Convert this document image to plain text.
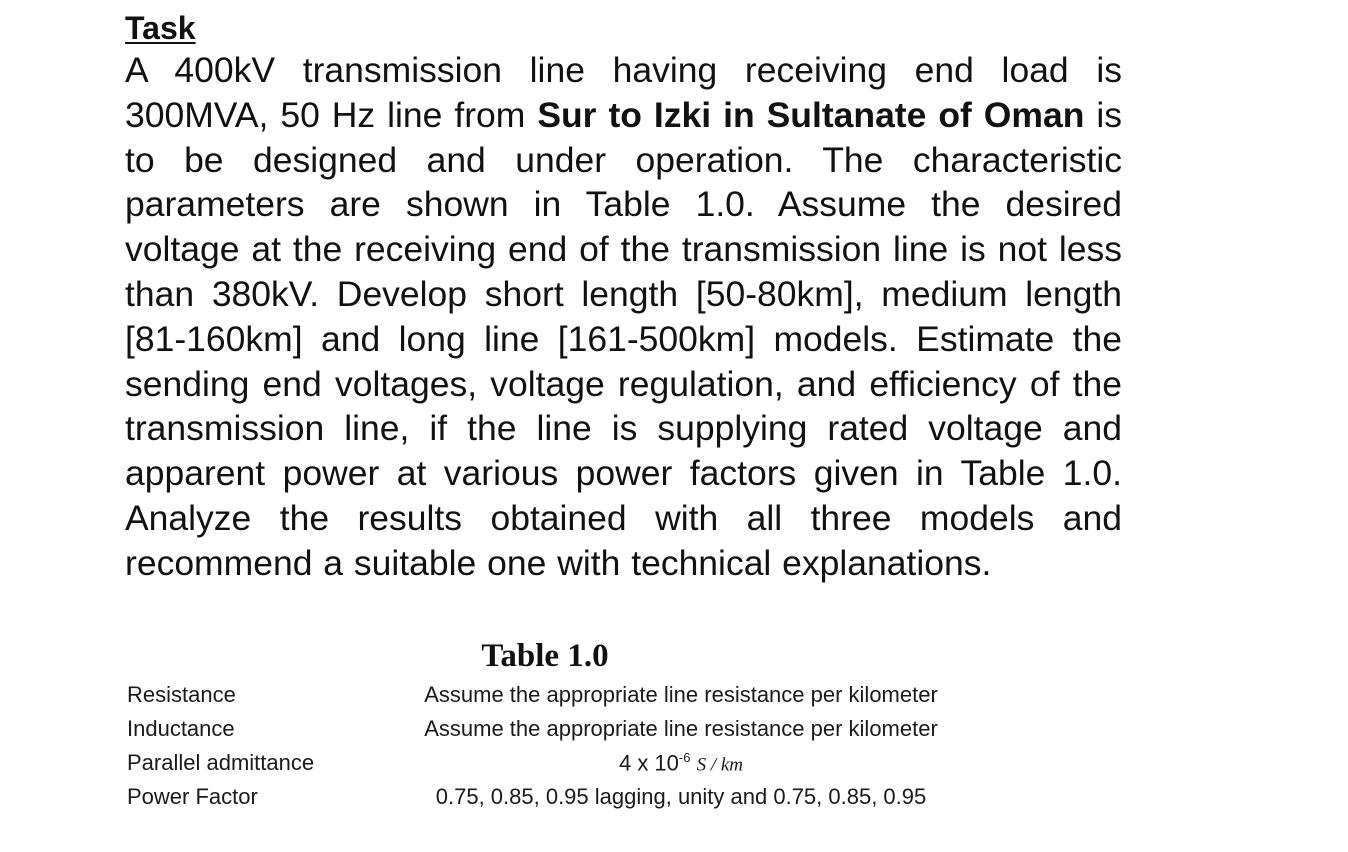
Task

A 400kV transmission line having receiving end load is 300MVA, 50 Hz line from Sur to Izki in Sultanate of Oman is to be designed and under operation. The characteristic parameters are shown in Table 1.0. Assume the desired voltage at the receiving end of the transmission line is not less than 380kV. Develop short length [50-80km], medium length [81-160km] and long line [161-500km] models. Estimate the sending end voltages, voltage regulation, and efficiency of the transmission line, if the line is supplying rated voltage and apparent power at various power factors given in Table 1.0. Analyze the results obtained with all three models and recommend a suitable one with technical explanations.

Table 1.0
Resistance	Assume the appropriate line resistance per kilometer
Inductance	Assume the appropriate line resistance per kilometer
Parallel admittance	4 x $10^{-6}$ S / km
Power Factor	0.75, 0.85, 0.95 lagging, unity and 0.75, 0.85, 0.95
